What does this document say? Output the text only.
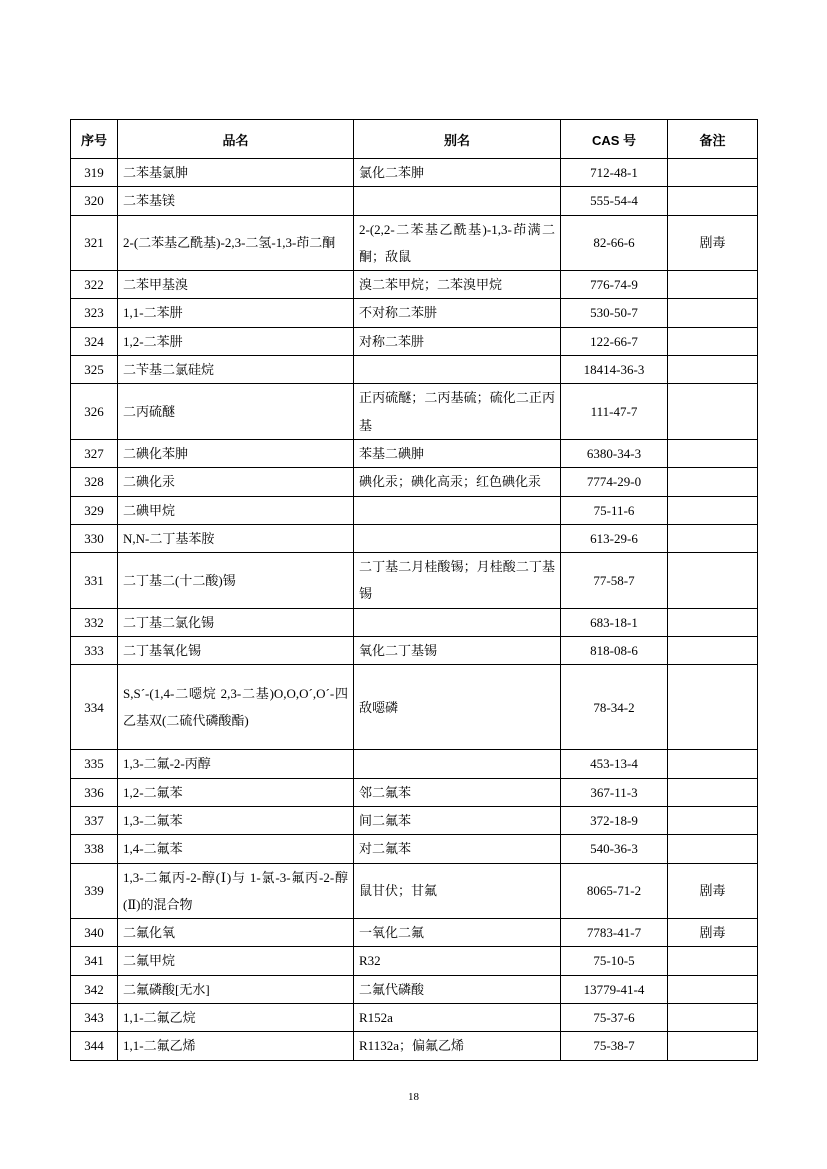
序号	品名	别名	CAS 号	备注
319	二苯基氯胂	氯化二苯胂	712-48-1	
320	二苯基镁		555-54-4	
321	2-(二苯基乙酰基)-2,3-二氢-1,3-茚二酮	2-(2,2-二苯基乙酰基)-1,3-茚满二酮；敌鼠	82-66-6	剧毒
322	二苯甲基溴	溴二苯甲烷；二苯溴甲烷	776-74-9	
323	1,1-二苯肼	不对称二苯肼	530-50-7	
324	1,2-二苯肼	对称二苯肼	122-66-7	
325	二苄基二氯硅烷		18414-36-3	
326	二丙硫醚	正丙硫醚；二丙基硫；硫化二正丙基	111-47-7	
327	二碘化苯胂	苯基二碘胂	6380-34-3	
328	二碘化汞	碘化汞；碘化高汞；红色碘化汞	7774-29-0	
329	二碘甲烷		75-11-6	
330	N,N-二丁基苯胺		613-29-6	
331	二丁基二(十二酸)锡	二丁基二月桂酸锡；月桂酸二丁基锡	77-58-7	
332	二丁基二氯化锡		683-18-1	
333	二丁基氧化锡	氧化二丁基锡	818-08-6	
334	S,S´-(1,4-二噁烷 2,3-二基)O,O,O´,O´-四乙基双(二硫代磷酸酯)	敌噁磷	78-34-2	
335	1,3-二氟-2-丙醇		453-13-4	
336	1,2-二氟苯	邻二氟苯	367-11-3	
337	1,3-二氟苯	间二氟苯	372-18-9	
338	1,4-二氟苯	对二氟苯	540-36-3	
339	1,3-二氟丙-2-醇(Ⅰ)与 1-氯-3-氟丙-2-醇(Ⅱ)的混合物	鼠甘伏；甘氟	8065-71-2	剧毒
340	二氟化氧	一氧化二氟	7783-41-7	剧毒
341	二氟甲烷	R32	75-10-5	
342	二氟磷酸[无水]	二氟代磷酸	13779-41-4	
343	1,1-二氟乙烷	R152a	75-37-6	
344	1,1-二氟乙烯	R1132a；偏氟乙烯	75-38-7	
18
